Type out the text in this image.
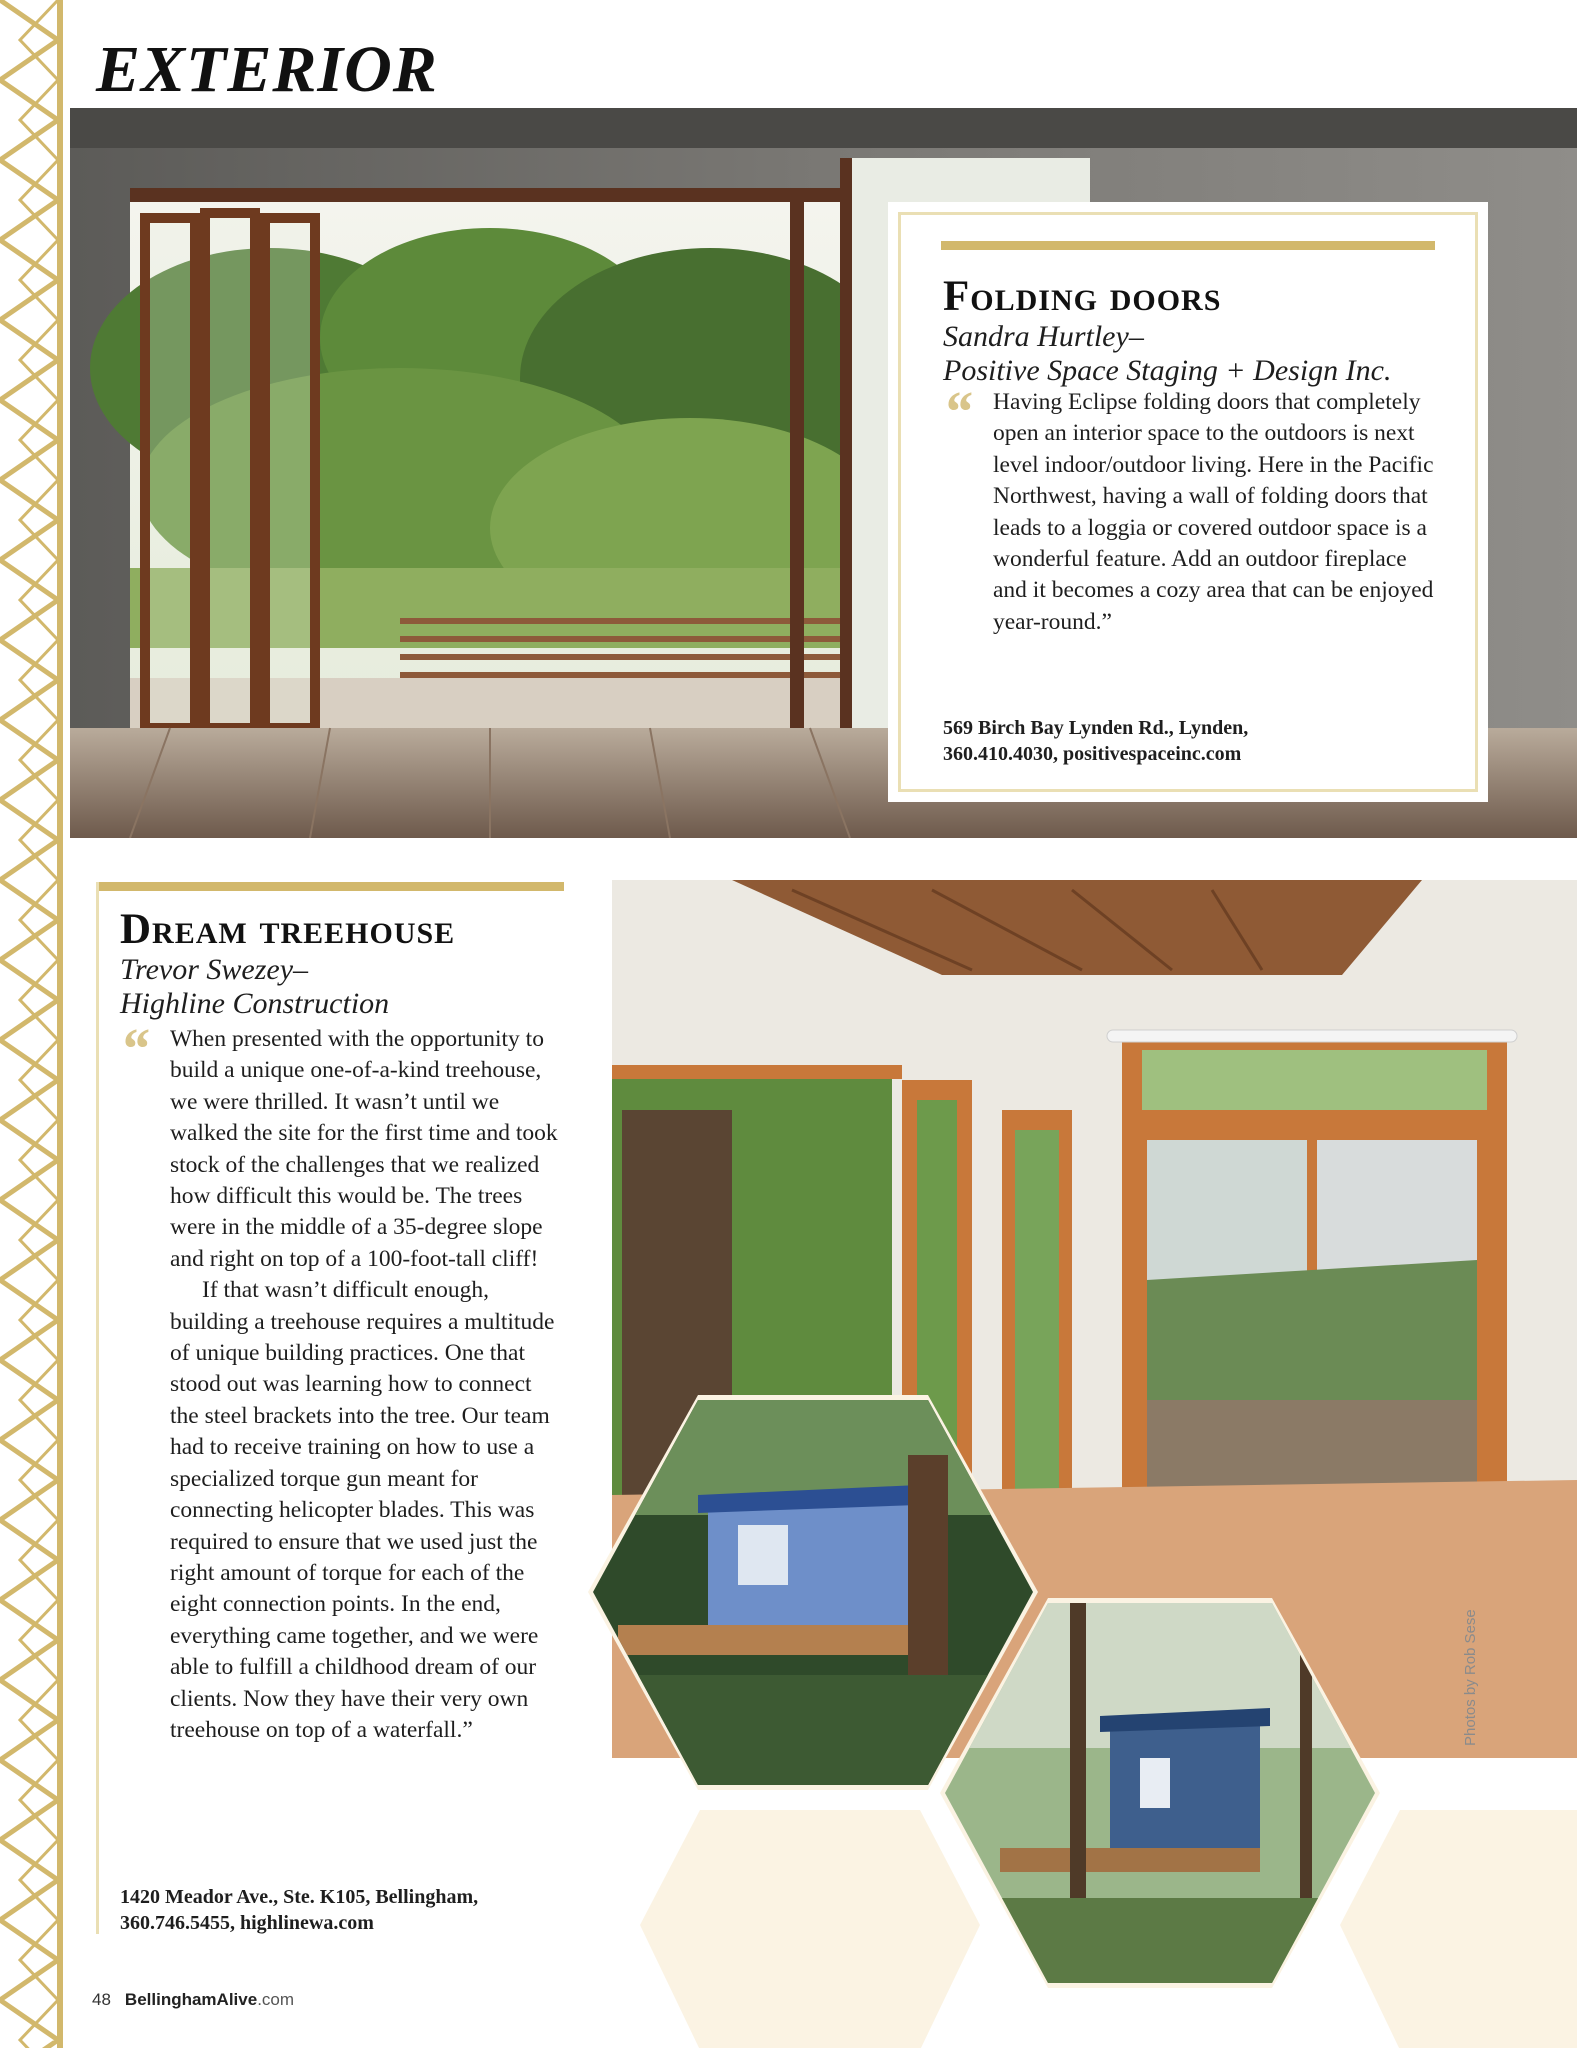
EXTERIOR
Folding doors
Sandra Hurtley–
Positive Space Staging + Design Inc.
“ Having Eclipse folding doors that completely open an interior space to the outdoors is next level indoor/outdoor living. Here in the Pacific Northwest, having a wall of folding doors that leads to a loggia or covered outdoor space is a wonderful feature. Add an outdoor fireplace and it becomes a cozy area that can be enjoyed year-round.”

569 Birch Bay Lynden Rd., Lynden,
360.410.4030, positivespaceinc.com
Dream treehouse
Trevor Swezey–
Highline Construction
“ When presented with the opportunity to build a unique one-of-a-kind treehouse, we were thrilled. It wasn’t until we walked the site for the first time and took stock of the challenges that we realized how difficult this would be. The trees were in the middle of a 35-degree slope and right on top of a 100-foot-tall cliff!

If that wasn’t difficult enough, building a treehouse requires a multitude of unique building practices. One that stood out was learning how to connect the steel brackets into the tree. Our team had to receive training on how to use a specialized torque gun meant for connecting helicopter blades. This was required to ensure that we used just the right amount of torque for each of the eight connection points. In the end, everything came together, and we were able to fulfill a childhood dream of our clients. Now they have their very own treehouse on top of a waterfall.”

1420 Meador Ave., Ste. K105, Bellingham,
360.746.5455, highlinewa.com
48 BellinghamAlive.com
